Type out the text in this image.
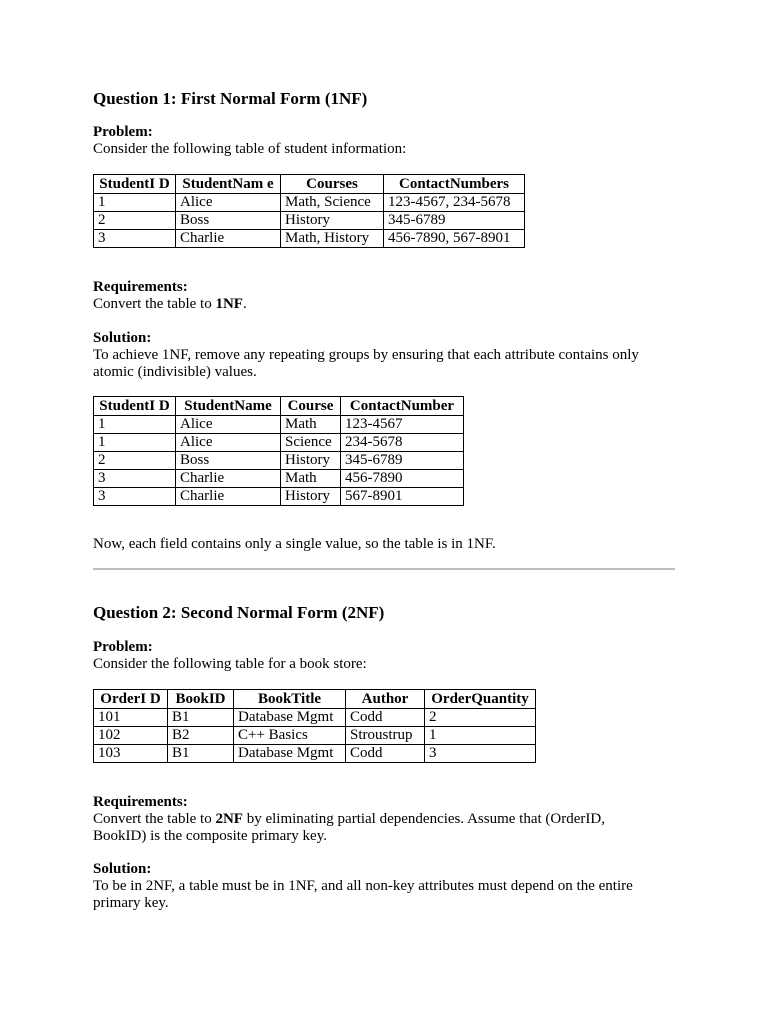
Question 1: First Normal Form (1NF)
Problem:

Consider the following table of student information:

StudentI D	StudentNam e	Courses	ContactNumbers
1	Alice	Math, Science	123-4567, 234-5678
2	Boss	History	345-6789
3	Charlie	Math, History	456-7890, 567-8901
Requirements:

Convert the table to 1NF.

Solution:

To achieve 1NF, remove any repeating groups by ensuring that each attribute contains only atomic (indivisible) values.

StudentI D	StudentName	Course	ContactNumber
1	Alice	Math	123-4567
1	Alice	Science	234-5678
2	Boss	History	345-6789
3	Charlie	Math	456-7890
3	Charlie	History	567-8901

Now, each field contains only a single value, so the table is in 1NF.

Question 2: Second Normal Form (2NF)
Problem:

Consider the following table for a book store:

OrderI D	BookID	BookTitle	Author	OrderQuantity
101	B1	Database Mgmt	Codd	2
102	B2	C++ Basics	Stroustrup	1
103	B1	Database Mgmt	Codd	3
Requirements:

Convert the table to 2NF by eliminating partial dependencies. Assume that (OrderID, BookID) is the composite primary key.

Solution:

To be in 2NF, a table must be in 1NF, and all non-key attributes must depend on the entire primary key.
